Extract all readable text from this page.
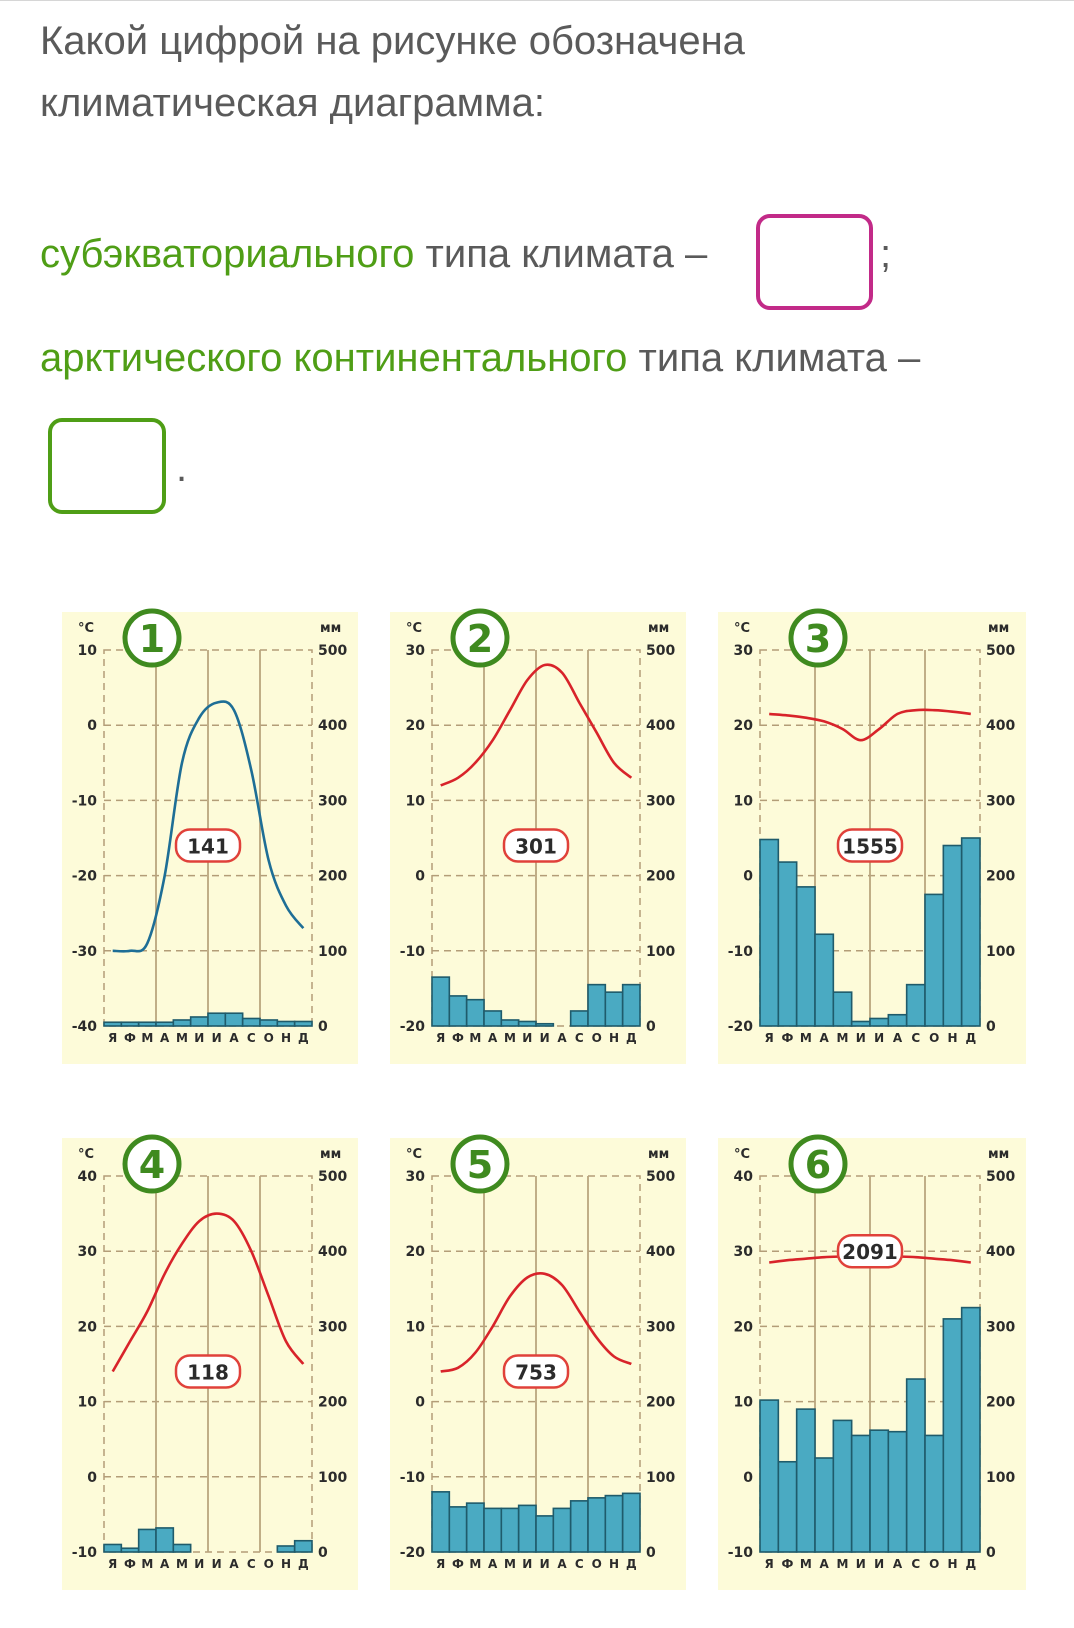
Какой цифрой на рисунке обозначена климатическая диаграмма:

субэкваториального типа климата –	;
арктического континентального типа климата –
.
10
0
-10
-20
-30
-40
500
400
300
200
100
0
°C	мм
Я Ф М А М И И А С О Н Д
1
141
30
20
10
0
-10
-20
500
400
300
200
100
0
°C	мм
Я Ф М А М И И А С О Н Д
2
301
30
20
10
0
-10
-20
500
400
300
200
100
0
°C	мм
Я Ф М А М И И А С О Н Д
3
1555
40
30
20
10
0
-10
500
400
300
200
100
0
°C	мм
Я Ф М А М И И А С О Н Д
4
118
30
20
10
0
-10
-20
500
400
300
200
100
0
°C	мм
Я Ф М А М И И А С О Н Д
5
753
40
30
20
10
0
-10
500
400
300
200
100
0
°C	мм
Я Ф М А М И И А С О Н Д
6
2091
